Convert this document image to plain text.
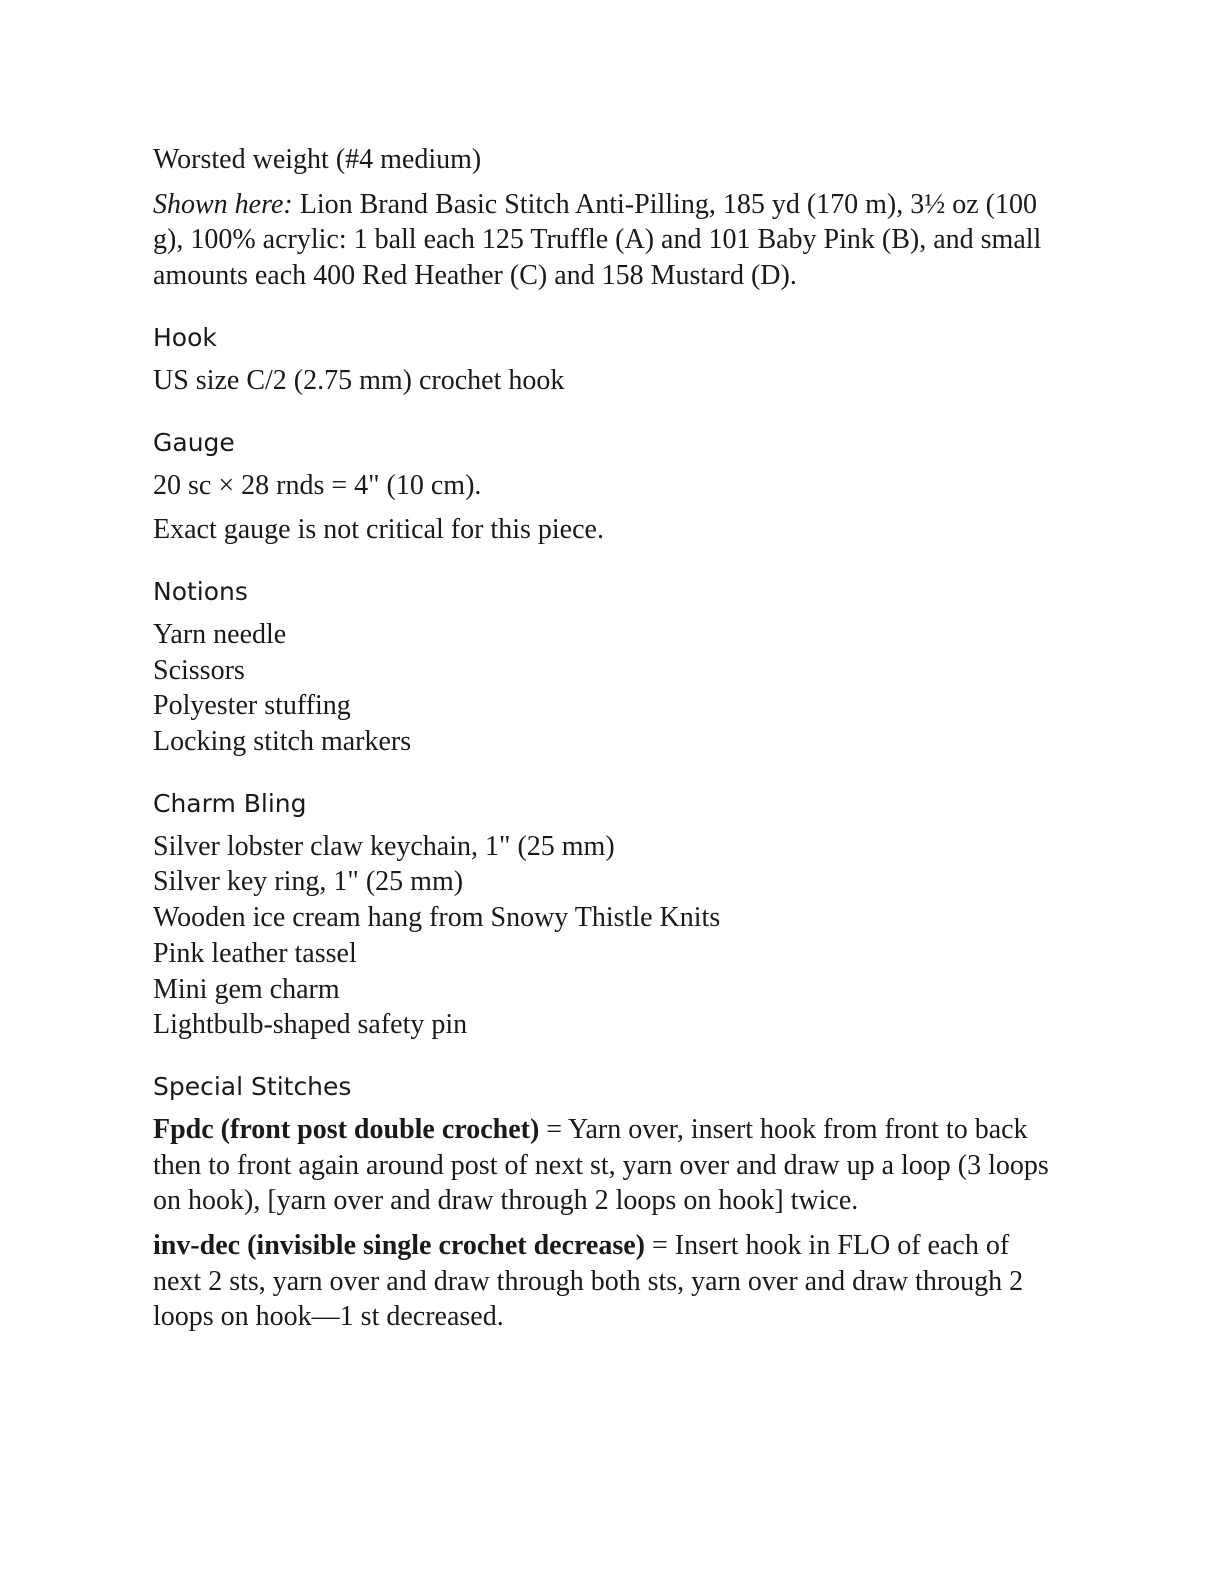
Worsted weight (#4 medium)

Shown here: Lion Brand Basic Stitch Anti-Pilling, 185 yd (170 m), 3½ oz (100 g), 100% acrylic: 1 ball each 125 Truffle (A) and 101 Baby Pink (B), and small amounts each 400 Red Heather (C) and 158 Mustard (D).

Hook

US size C/2 (2.75 mm) crochet hook

Gauge

20 sc × 28 rnds = 4" (10 cm).

Exact gauge is not critical for this piece.

Notions
Yarn needle
Scissors
Polyester stuffing
Locking stitch markers
Charm Bling
Silver lobster claw keychain, 1" (25 mm)
Silver key ring, 1" (25 mm)
Wooden ice cream hang from Snowy Thistle Knits
Pink leather tassel
Mini gem charm
Lightbulb-shaped safety pin
Special Stitches

Fpdc (front post double crochet) = Yarn over, insert hook from front to back then to front again around post of next st, yarn over and draw up a loop (3 loops on hook), [yarn over and draw through 2 loops on hook] twice.

inv-dec (invisible single crochet decrease) = Insert hook in FLO of each of next 2 sts, yarn over and draw through both sts, yarn over and draw through 2 loops on hook—1 st decreased.
